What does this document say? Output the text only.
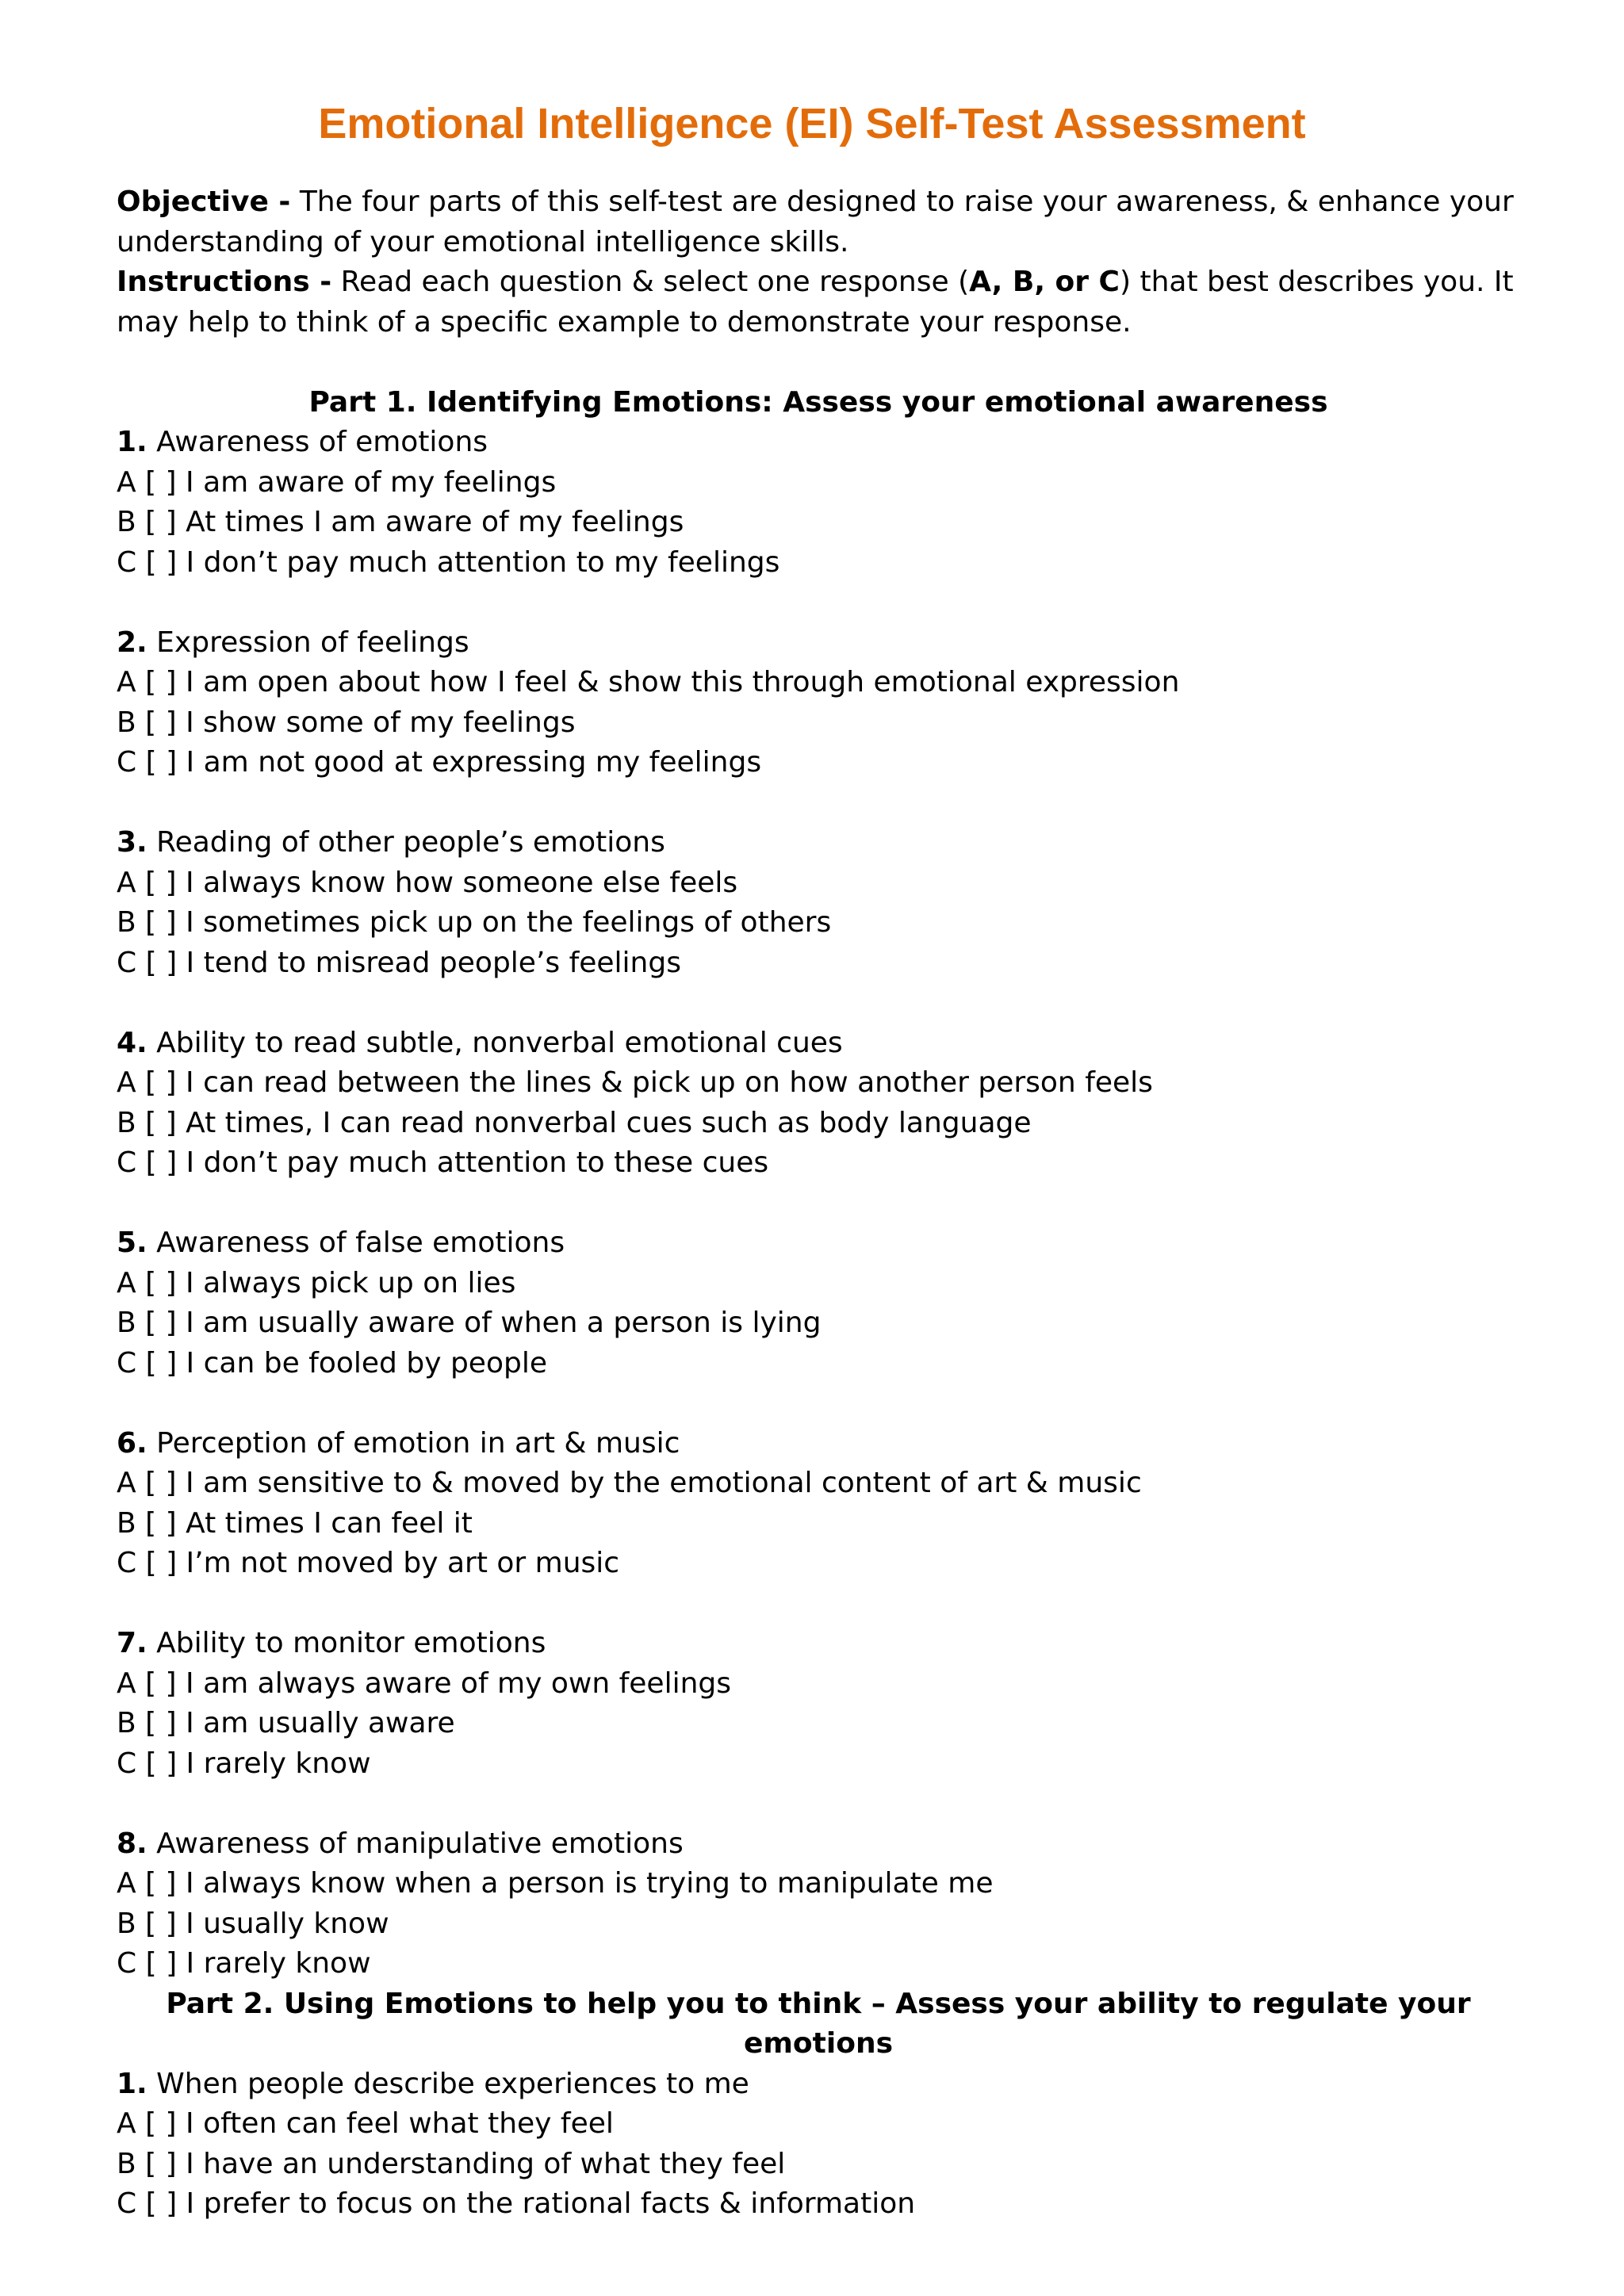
Emotional Intelligence (EI) Self-Test Assessment

Objective - The four parts of this self-test are designed to raise your awareness, & enhance your understanding of your emotional intelligence skills.

Instructions - Read each question & select one response (A, B, or C) that best describes you. It may help to think of a specific example to demonstrate your response.

Part 1. Identifying Emotions: Assess your emotional awareness

1. Awareness of emotions

A [ ] I am aware of my feelings

B [ ] At times I am aware of my feelings

C [ ] I don’t pay much attention to my feelings

2. Expression of feelings

A [ ] I am open about how I feel & show this through emotional expression

B [ ] I show some of my feelings

C [ ] I am not good at expressing my feelings

3. Reading of other people’s emotions

A [ ] I always know how someone else feels

B [ ] I sometimes pick up on the feelings of others

C [ ] I tend to misread people’s feelings

4. Ability to read subtle, nonverbal emotional cues

A [ ] I can read between the lines & pick up on how another person feels

B [ ] At times, I can read nonverbal cues such as body language

C [ ] I don’t pay much attention to these cues

5. Awareness of false emotions

A [ ] I always pick up on lies

B [ ] I am usually aware of when a person is lying

C [ ] I can be fooled by people

6. Perception of emotion in art & music

A [ ] I am sensitive to & moved by the emotional content of art & music

B [ ] At times I can feel it

C [ ] I’m not moved by art or music

7. Ability to monitor emotions

A [ ] I am always aware of my own feelings

B [ ] I am usually aware

C [ ] I rarely know

8. Awareness of manipulative emotions

A [ ] I always know when a person is trying to manipulate me

B [ ] I usually know

C [ ] I rarely know

Part 2. Using Emotions to help you to think – Assess your ability to regulate your emotions

1. When people describe experiences to me

A [ ] I often can feel what they feel

B [ ] I have an understanding of what they feel

C [ ] I prefer to focus on the rational facts & information
